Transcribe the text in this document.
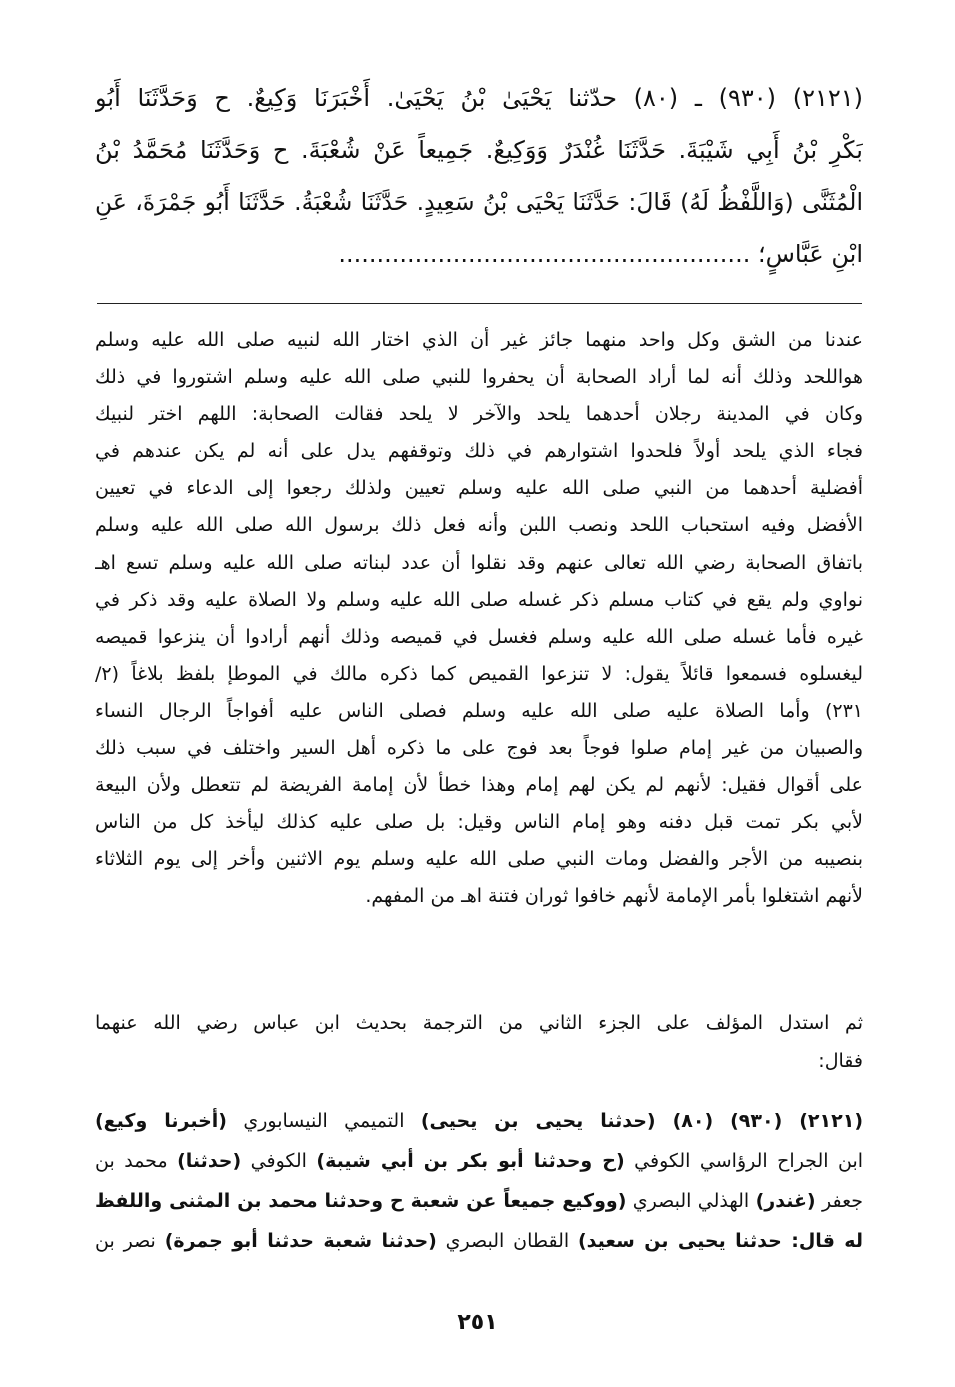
(٢١٢١) (٩٣٠) ـ (٨٠) حدّثنا يَحْيَىٰ بْنُ يَحْيَىٰ. أَخْبَرَنَا وَكِيعٌ. ح وَحَدَّثَنَا أَبُو
بَكْرِ بْنُ أَبِي شَيْبَةَ. حَدَّثَنَا غُنْدَرٌ وَوَكِيعٌ. جَمِيعاً عَنْ شُعْبَةَ. ح وَحَدَّثَنَا مُحَمَّدُ بْنُ
الْمُثَنَّى (وَاللَّفْظُ لَهُ) قَالَ: حَدَّثَنَا يَحْيَى بْنُ سَعِيدٍ. حَدَّثَنَا شُعْبَةُ. حَدَّثَنَا أَبُو جَمْرَةَ، عَنِ
ابْنِ عَبَّاسٍ؛ ......................................................
عندنا من الشق وكل واحد منهما جائز غير أن الذي اختار الله لنبيه صلى الله عليه وسلم
هواللحد وذلك أنه لما أراد الصحابة أن يحفروا للنبي صلى الله عليه وسلم اشتوروا في ذلك
وكان في المدينة رجلان أحدهما يلحد والآخر لا يلحد فقالت الصحابة: اللهم اختر لنبيك
فجاء الذي يلحد أولاً فلحدوا اشتوارهم في ذلك وتوقفهم يدل على أنه لم يكن عندهم في
أفضلية أحدهما من النبي صلى الله عليه وسلم تعيين ولذلك رجعوا إلى الدعاء في تعيين
الأفضل وفيه استحباب اللحد ونصب اللبن وأنه فعل ذلك برسول الله صلى الله عليه وسلم
باتفاق الصحابة رضي الله تعالى عنهم وقد نقلوا أن عدد لبناته صلى الله عليه وسلم تسع اهـ
نواوي ولم يقع في كتاب مسلم ذكر غسله صلى الله عليه وسلم ولا الصلاة عليه وقد ذكر في
غيره فأما غسله صلى الله عليه وسلم فغسل في قميصه وذلك أنهم أرادوا أن ينزعوا قميصه
ليغسلوه فسمعوا قائلاً يقول: لا تنزعوا القميص كما ذكره مالك في الموطإ بلفظ بلاغاً (٢/
٢٣١) وأما الصلاة عليه صلى الله عليه وسلم فصلى الناس عليه أفواجاً الرجال النساء
والصبيان من غير إمام صلوا فوجاً بعد فوج على ما ذكره أهل السير واختلف في سبب ذلك
على أقوال فقيل: لأنهم لم يكن لهم إمام وهذا خطأ لأن إمامة الفريضة لم تتعطل ولأن البيعة
لأبي بكر تمت قبل دفنه وهو إمام الناس وقيل: بل صلى عليه كذلك ليأخذ كل من الناس
بنصيبه من الأجر والفضل ومات النبي صلى الله عليه وسلم يوم الاثنين وأخر إلى يوم الثلاثاء
لأنهم اشتغلوا بأمر الإمامة لأنهم خافوا ثوران فتنة اهـ من المفهم.
ثم استدل المؤلف على الجزء الثاني من الترجمة بحديث ابن عباس رضي الله عنهما
فقال:
(٢١٢١) (٩٣٠) (٨٠) (حدثنا يحيى بن يحيى) التميمي النيسابوري (أخبرنا وكيع)
ابن الجراح الرؤاسي الكوفي (ح وحدثنا أبو بكر بن أبي شيبة) الكوفي (حدثنا) محمد بن
جعفر (غندر) الهذلي البصري (ووكيع جميعاً عن شعبة ح وحدثنا محمد بن المثنى واللفظ
له قال: حدثنا يحيى بن سعيد) القطان البصري (حدثنا شعبة حدثنا أبو جمرة) نصر بن
٢٥١
